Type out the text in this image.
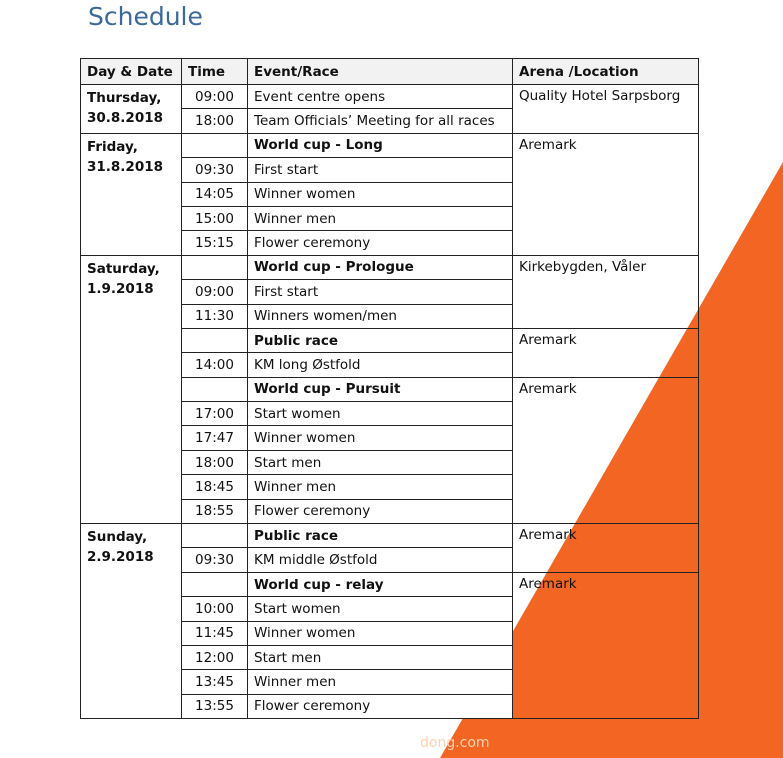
Schedule
Day & Date	Time	Event/Race	Arena /Location
Thursday, 30.8.2018	09:00	Event centre opens	Quality Hotel Sarpsborg
	18:00	Team Officials’ Meeting for all races	
Friday, 31.8.2018		World cup - Long	Aremark
	09:30	First start	
	14:05	Winner women	
	15:00	Winner men	
	15:15	Flower ceremony	
Saturday, 1.9.2018		World cup - Prologue	Kirkebygden, Våler
	09:00	First start	
	11:30	Winners women/men	
		Public race	Aremark
	14:00	KM long Østfold	
		World cup - Pursuit	Aremark
	17:00	Start women	
	17:47	Winner women	
	18:00	Start men	
	18:45	Winner men	
	18:55	Flower ceremony	
Sunday, 2.9.2018		Public race	Aremark
	09:30	KM middle Østfold	
		World cup - relay	Aremark
	10:00	Start women	
	11:45	Winner women	
	12:00	Start men	
	13:45	Winner men	
	13:55	Flower ceremony	
dong.com
